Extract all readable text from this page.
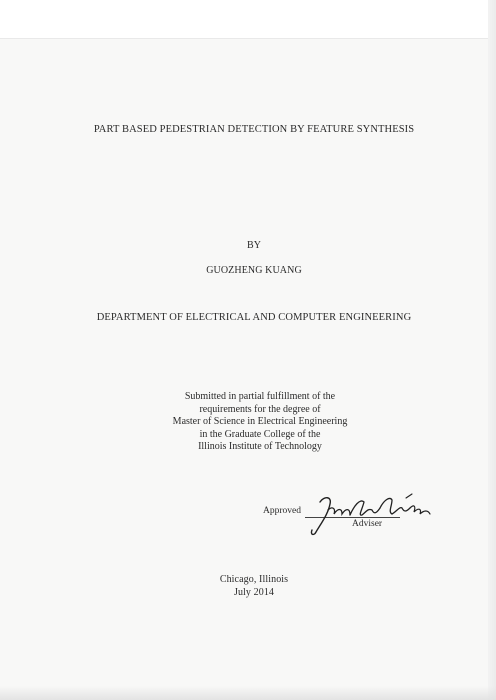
PART BASED PEDESTRIAN DETECTION BY FEATURE SYNTHESIS
BY
GUOZHENG KUANG
DEPARTMENT OF ELECTRICAL AND COMPUTER ENGINEERING
Submitted in partial fulfillment of the
requirements for the degree of
Master of Science in Electrical Engineering
in the Graduate College of the
Illinois Institute of Technology
Approved
Adviser
Chicago, Illinois
July 2014
